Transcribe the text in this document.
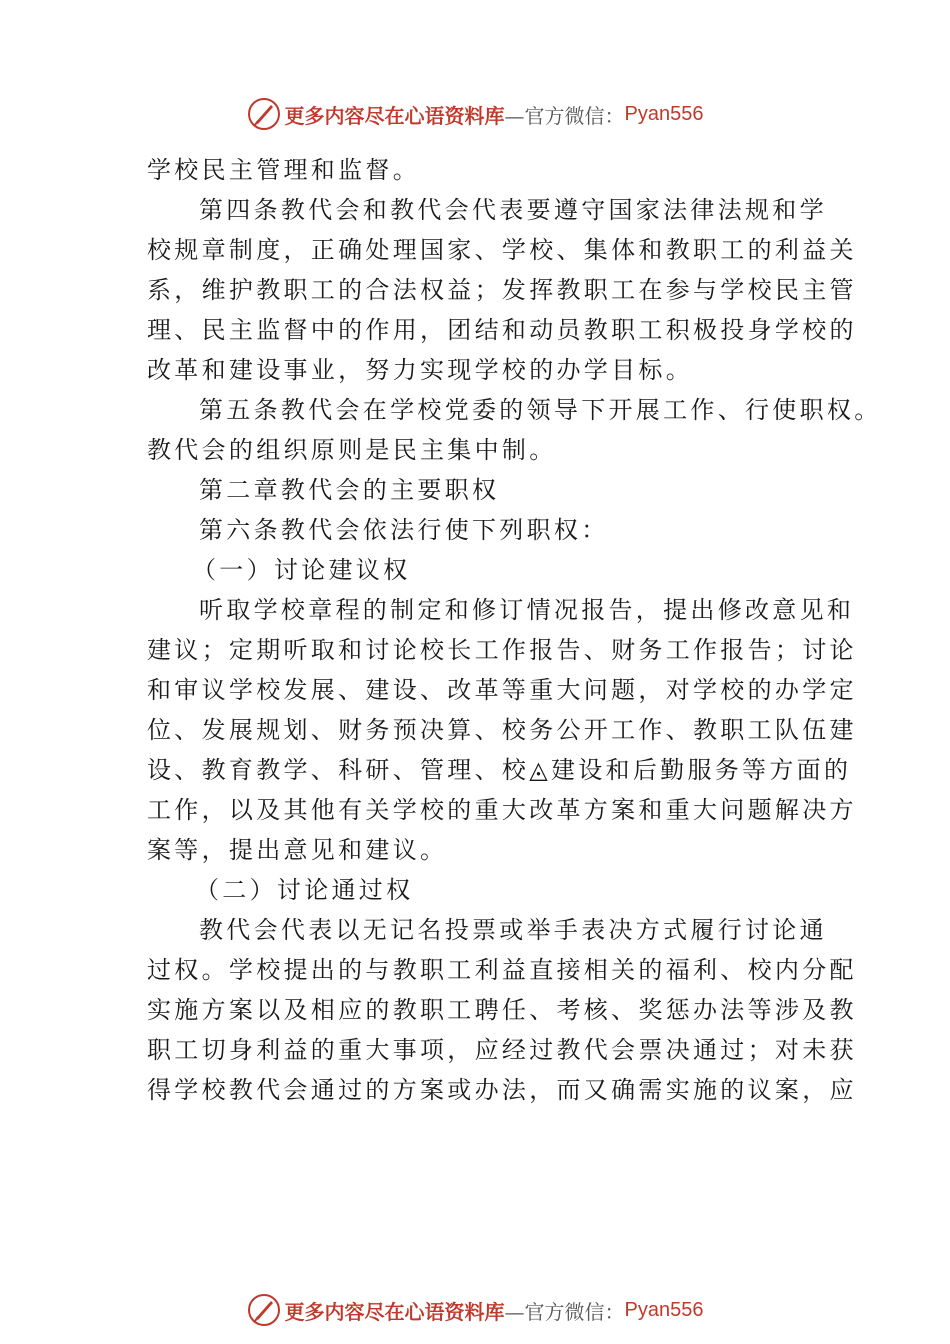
更多内容尽在心语资料库 —官方微信： Pyan556
学校民主管理和监督。
第四条教代会和教代会代表要遵守国家法律法规和学
校规章制度，正确处理国家、学校、集体和教职工的利益关
系，维护教职工的合法权益；发挥教职工在参与学校民主管
理、民主监督中的作用，团结和动员教职工积极投身学校的
改革和建设事业，努力实现学校的办学目标。
第五条教代会在学校党委的领导下开展工作、行使职权。
教代会的组织原则是民主集中制。
第二章教代会的主要职权
第六条教代会依法行使下列职权：
（一）讨论建议权
听取学校章程的制定和修订情况报告，提出修改意见和
建议；定期听取和讨论校长工作报告、财务工作报告；讨论
和审议学校发展、建设、改革等重大问题，对学校的办学定
位、发展规划、财务预决算、校务公开工作、教职工队伍建
设、教育教学、科研、管理、校◬建设和后勤服务等方面的
工作，以及其他有关学校的重大改革方案和重大问题解决方
案等，提出意见和建议。
（二）讨论通过权
教代会代表以无记名投票或举手表决方式履行讨论通
过权。学校提出的与教职工利益直接相关的福利、校内分配
实施方案以及相应的教职工聘任、考核、奖惩办法等涉及教
职工切身利益的重大事项，应经过教代会票决通过；对未获
得学校教代会通过的方案或办法，而又确需实施的议案，应
更多内容尽在心语资料库 —官方微信： Pyan556
